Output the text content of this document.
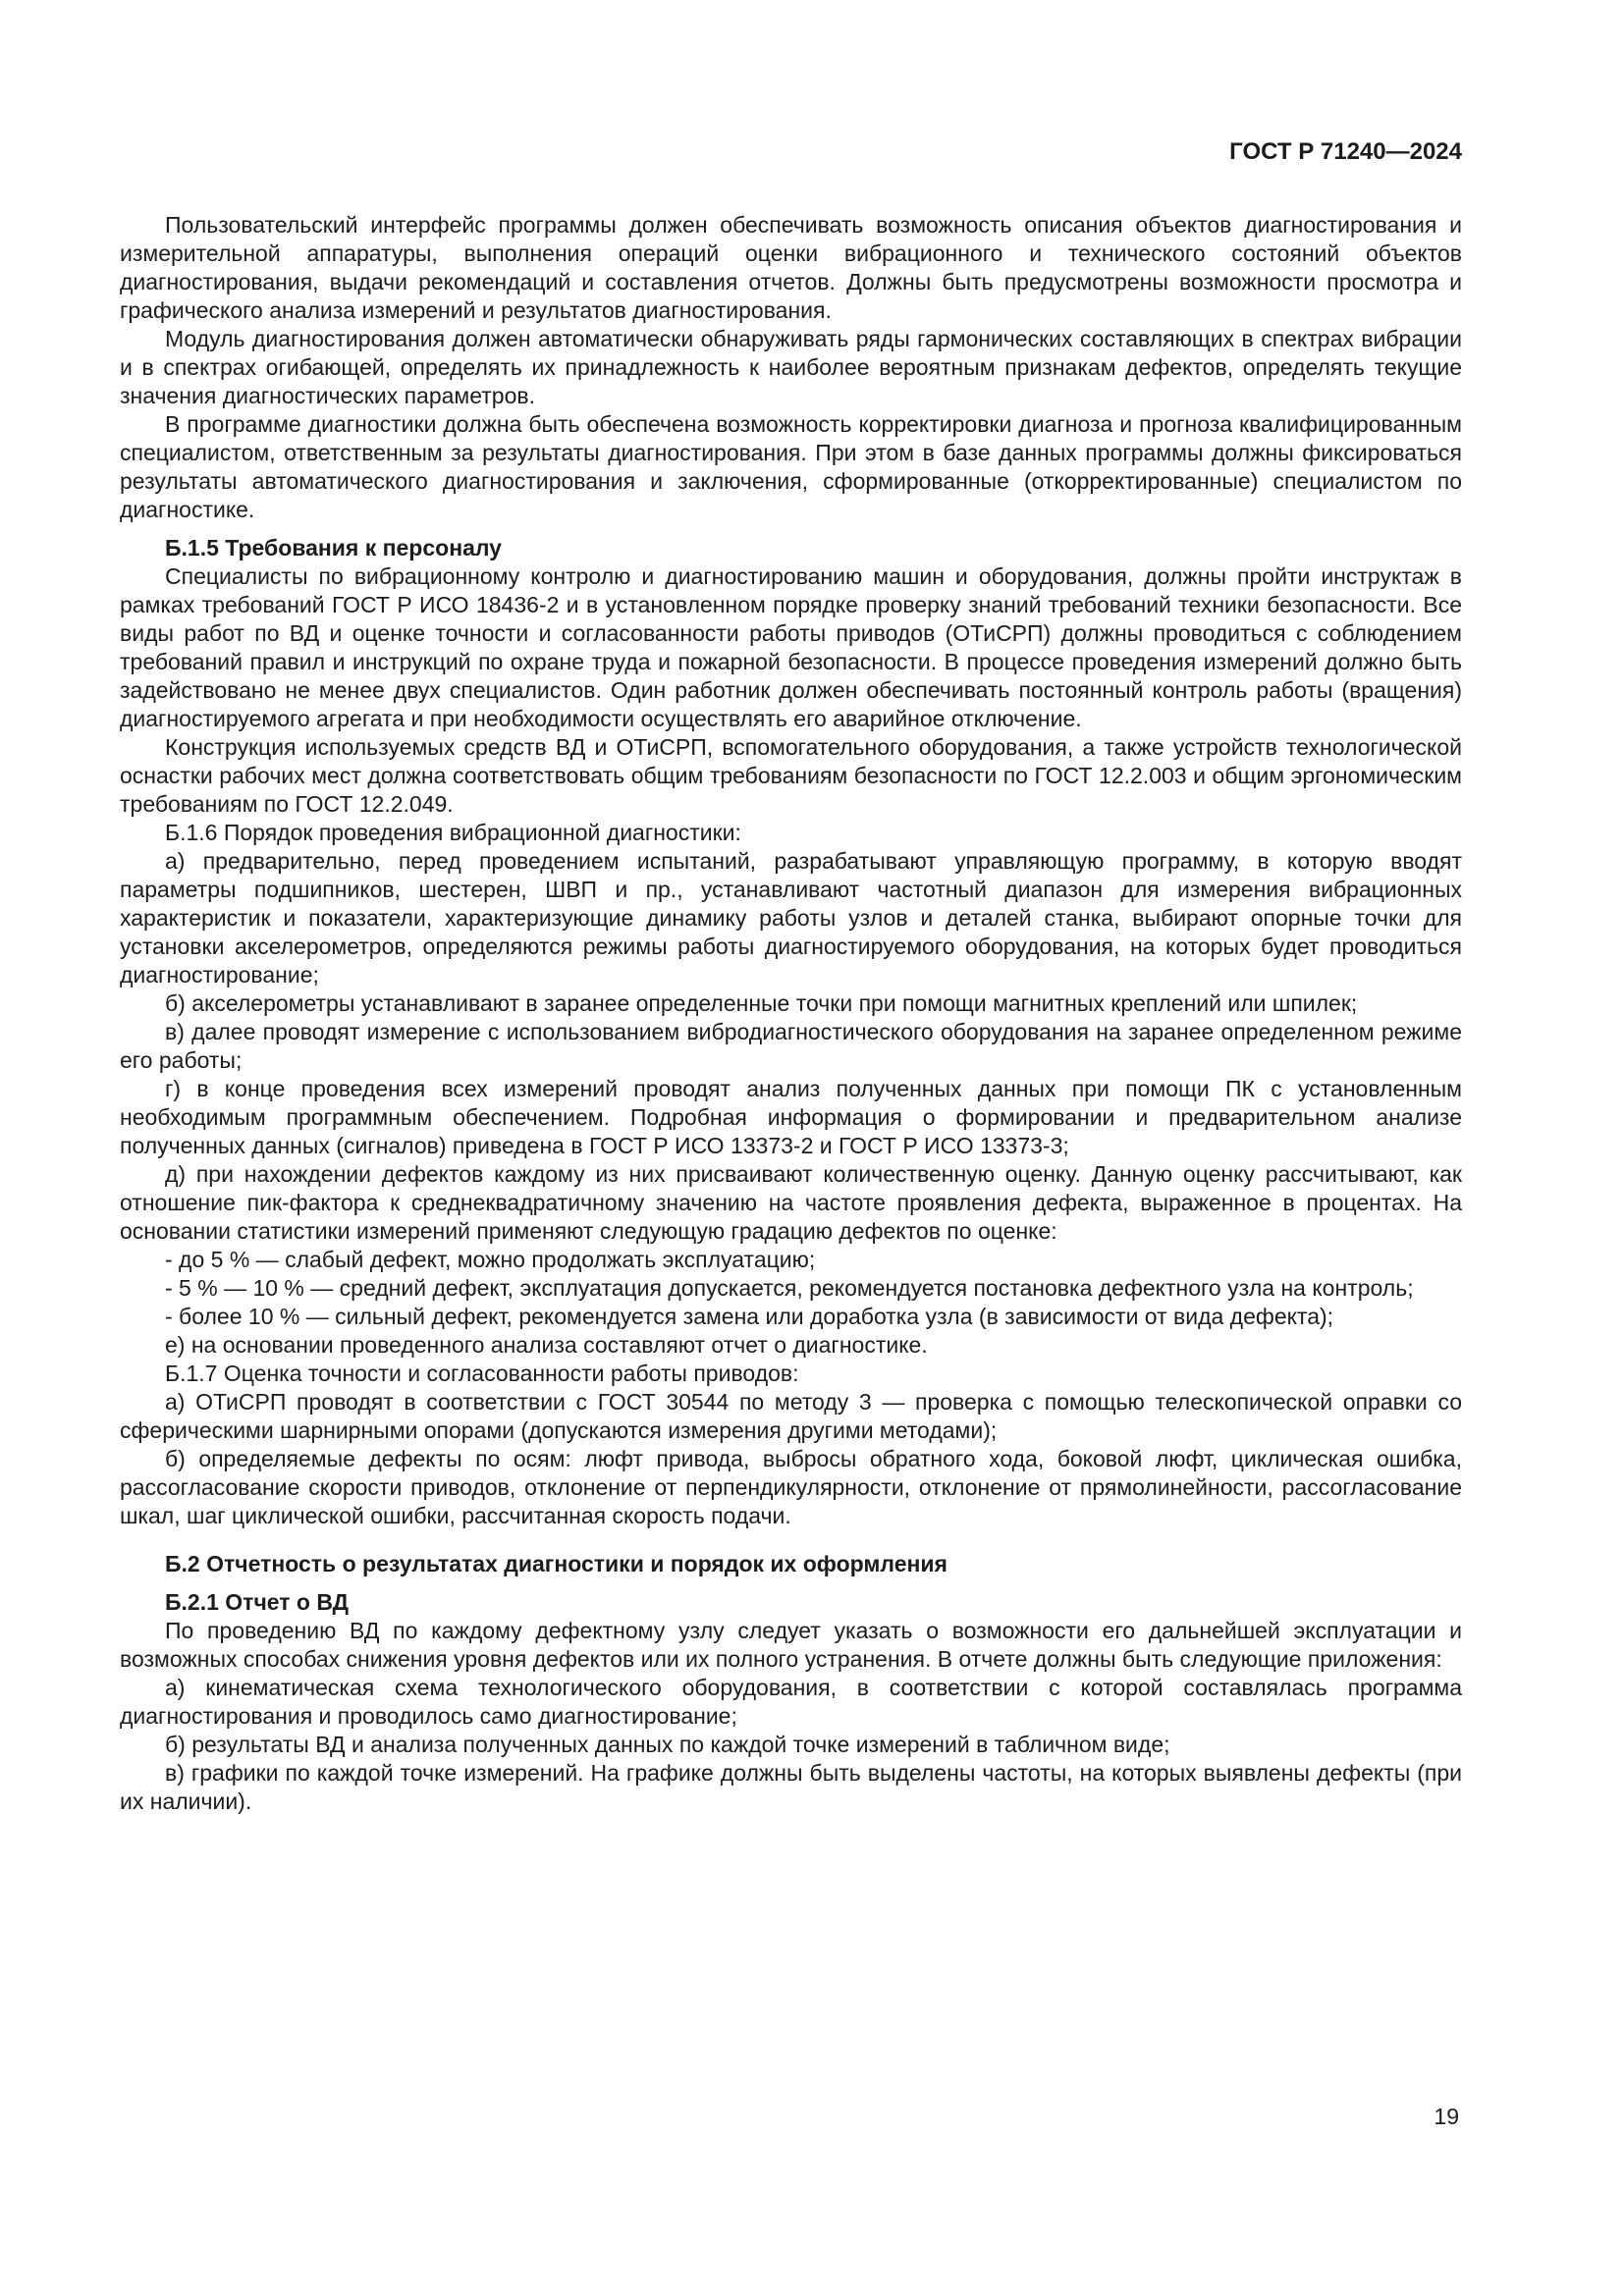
ГОСТ Р 71240—2024

Пользовательский интерфейс программы должен обеспечивать возможность описания объектов диагностирования и измерительной аппаратуры, выполнения операций оценки вибрационного и технического состояний объектов диагностирования, выдачи рекомендаций и составления отчетов. Должны быть предусмотрены возможности просмотра и графического анализа измерений и результатов диагностирования.

Модуль диагностирования должен автоматически обнаруживать ряды гармонических составляющих в спектрах вибрации и в спектрах огибающей, определять их принадлежность к наиболее вероятным признакам дефектов, определять текущие значения диагностических параметров.

В программе диагностики должна быть обеспечена возможность корректировки диагноза и прогноза квалифицированным специалистом, ответственным за результаты диагностирования. При этом в базе данных программы должны фиксироваться результаты автоматического диагностирования и заключения, сформированные (откорректированные) специалистом по диагностике.

Б.1.5 Требования к персоналу

Специалисты по вибрационному контролю и диагностированию машин и оборудования, должны пройти инструктаж в рамках требований ГОСТ Р ИСО 18436-2 и в установленном порядке проверку знаний требований техники безопасности. Все виды работ по ВД и оценке точности и согласованности работы приводов (ОТиСРП) должны проводиться с соблюдением требований правил и инструкций по охране труда и пожарной безопасности. В процессе проведения измерений должно быть задействовано не менее двух специалистов. Один работник должен обеспечивать постоянный контроль работы (вращения) диагностируемого агрегата и при необходимости осуществлять его аварийное отключение.

Конструкция используемых средств ВД и ОТиСРП, вспомогательного оборудования, а также устройств технологической оснастки рабочих мест должна соответствовать общим требованиям безопасности по ГОСТ 12.2.003 и общим эргономическим требованиям по ГОСТ 12.2.049.

Б.1.6 Порядок проведения вибрационной диагностики:

а) предварительно, перед проведением испытаний, разрабатывают управляющую программу, в которую вводят параметры подшипников, шестерен, ШВП и пр., устанавливают частотный диапазон для измерения вибрационных характеристик и показатели, характеризующие динамику работы узлов и деталей станка, выбирают опорные точки для установки акселерометров, определяются режимы работы диагностируемого оборудования, на которых будет проводиться диагностирование;

б) акселерометры устанавливают в заранее определенные точки при помощи магнитных креплений или шпилек;

в) далее проводят измерение с использованием вибродиагностического оборудования на заранее определенном режиме его работы;

г) в конце проведения всех измерений проводят анализ полученных данных при помощи ПК с установленным необходимым программным обеспечением. Подробная информация о формировании и предварительном анализе полученных данных (сигналов) приведена в ГОСТ Р ИСО 13373-2 и ГОСТ Р ИСО 13373-3;

д) при нахождении дефектов каждому из них присваивают количественную оценку. Данную оценку рассчитывают, как отношение пик-фактора к среднеквадратичному значению на частоте проявления дефекта, выраженное в процентах. На основании статистики измерений применяют следующую градацию дефектов по оценке:

- до 5 % — слабый дефект, можно продолжать эксплуатацию;

- 5 % — 10 % — средний дефект, эксплуатация допускается, рекомендуется постановка дефектного узла на контроль;

- более 10 % — сильный дефект, рекомендуется замена или доработка узла (в зависимости от вида дефекта);

е) на основании проведенного анализа составляют отчет о диагностике.

Б.1.7 Оценка точности и согласованности работы приводов:

а) ОТиСРП проводят в соответствии с ГОСТ 30544 по методу 3 — проверка с помощью телескопической оправки со сферическими шарнирными опорами (допускаются измерения другими методами);

б) определяемые дефекты по осям: люфт привода, выбросы обратного хода, боковой люфт, циклическая ошибка, рассогласование скорости приводов, отклонение от перпендикулярности, отклонение от прямолинейности, рассогласование шкал, шаг циклической ошибки, рассчитанная скорость подачи.

Б.2 Отчетность о результатах диагностики и порядок их оформления

Б.2.1 Отчет о ВД

По проведению ВД по каждому дефектному узлу следует указать о возможности его дальнейшей эксплуатации и возможных способах снижения уровня дефектов или их полного устранения. В отчете должны быть следующие приложения:

а) кинематическая схема технологического оборудования, в соответствии с которой составлялась программа диагностирования и проводилось само диагностирование;

б) результаты ВД и анализа полученных данных по каждой точке измерений в табличном виде;

в) графики по каждой точке измерений. На графике должны быть выделены частоты, на которых выявлены дефекты (при их наличии).

19
